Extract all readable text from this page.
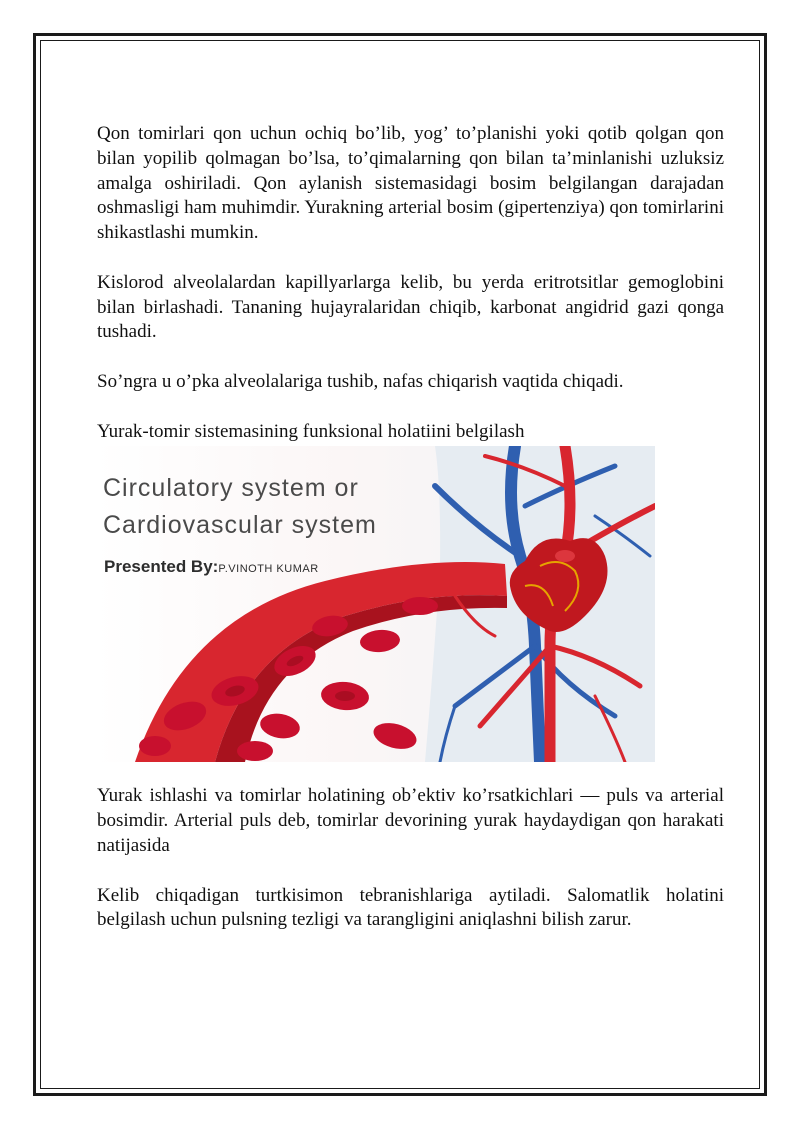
Qon tomirlari qon uchun ochiq bo’lib, yog’ to’planishi yoki qotib qolgan qon bilan yopilib qolmagan bo’lsa, to’qimalarning qon bilan ta’minlanishi uzluksiz amalga oshiriladi. Qon aylanish sistemasidagi bosim belgilangan darajadan oshmasligi ham muhimdir. Yurakning arterial bosim (gipertenziya) qon tomirlarini shikastlashi mumkin.

Kislorod alveolalardan kapillyarlarga kelib, bu yerda eritrotsitlar gemoglobini bilan birlashadi. Tananing hujayralaridan chiqib, karbonat angidrid gazi qonga tushadi.

So’ngra u o’pka alveolalariga tushib, nafas chiqarish vaqtida chiqadi.

Yurak-tomir sistemasining funksional holatiini belgilash

Circulatory system or
Cardiovascular system
Presented By:P.VINOTH KUMAR

Yurak ishlashi va tomirlar holatining ob’ektiv ko’rsatkichlari — puls va arterial bosimdir. Arterial puls deb, tomirlar devorining yurak haydaydigan qon harakati natijasida

Kelib chiqadigan turtkisimon tebranishlariga aytiladi. Salomatlik holatini belgilash uchun pulsning tezligi va tarangligini aniqlashni bilish zarur.
